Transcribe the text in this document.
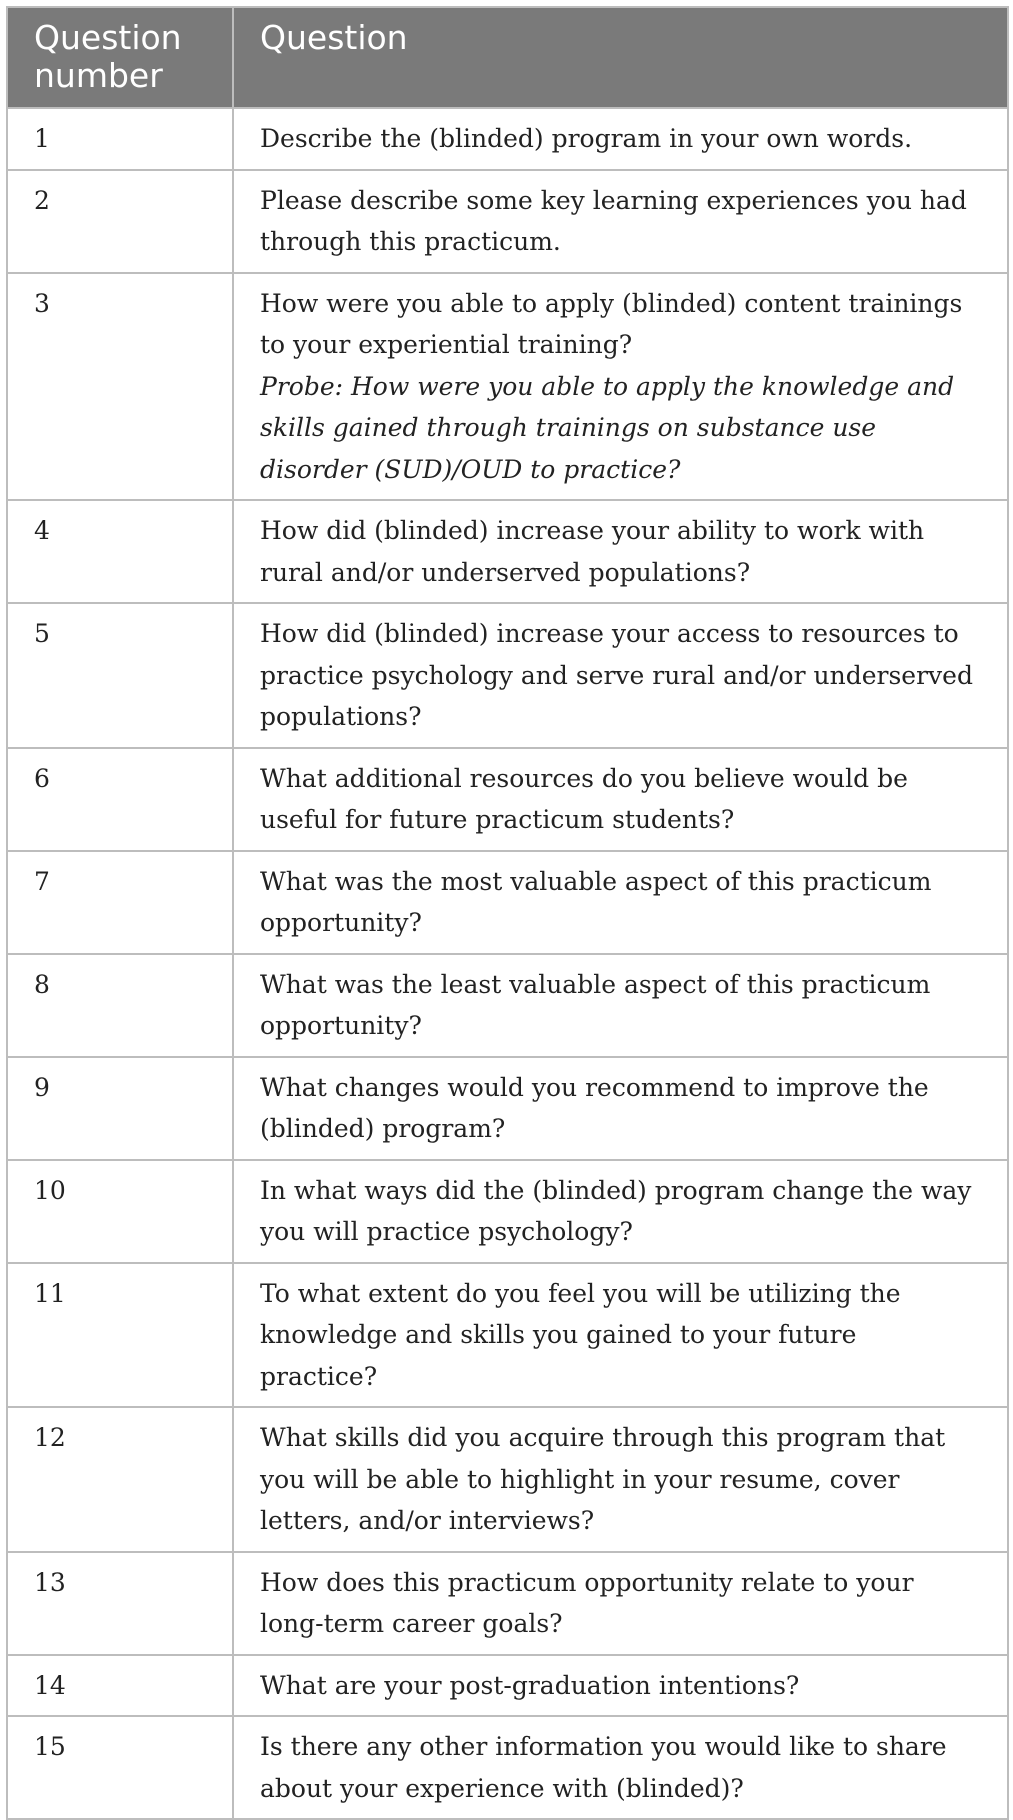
Question number	Question
1	Describe the (blinded) program in your own words.
2	Please describe some key learning experiences you had through this practicum.
3	How were you able to apply (blinded) content trainings to your experiential training?
Probe: How were you able to apply the knowledge and skills gained through trainings on substance use disorder (SUD)/OUD to practice?

4	How did (blinded) increase your ability to work with rural and/or underserved populations?
5	How did (blinded) increase your access to resources to practice psychology and serve rural and/or underserved populations?
6	What additional resources do you believe would be useful for future practicum students?
7	What was the most valuable aspect of this practicum opportunity?
8	What was the least valuable aspect of this practicum opportunity?
9	What changes would you recommend to improve the (blinded) program?
10	In what ways did the (blinded) program change the way you will practice psychology?
11	To what extent do you feel you will be utilizing the knowledge and skills you gained to your future practice?
12	What skills did you acquire through this program that you will be able to highlight in your resume, cover letters, and/or interviews?
13	How does this practicum opportunity relate to your long-term career goals?
14	What are your post-graduation intentions?
15	Is there any other information you would like to share about your experience with (blinded)?
